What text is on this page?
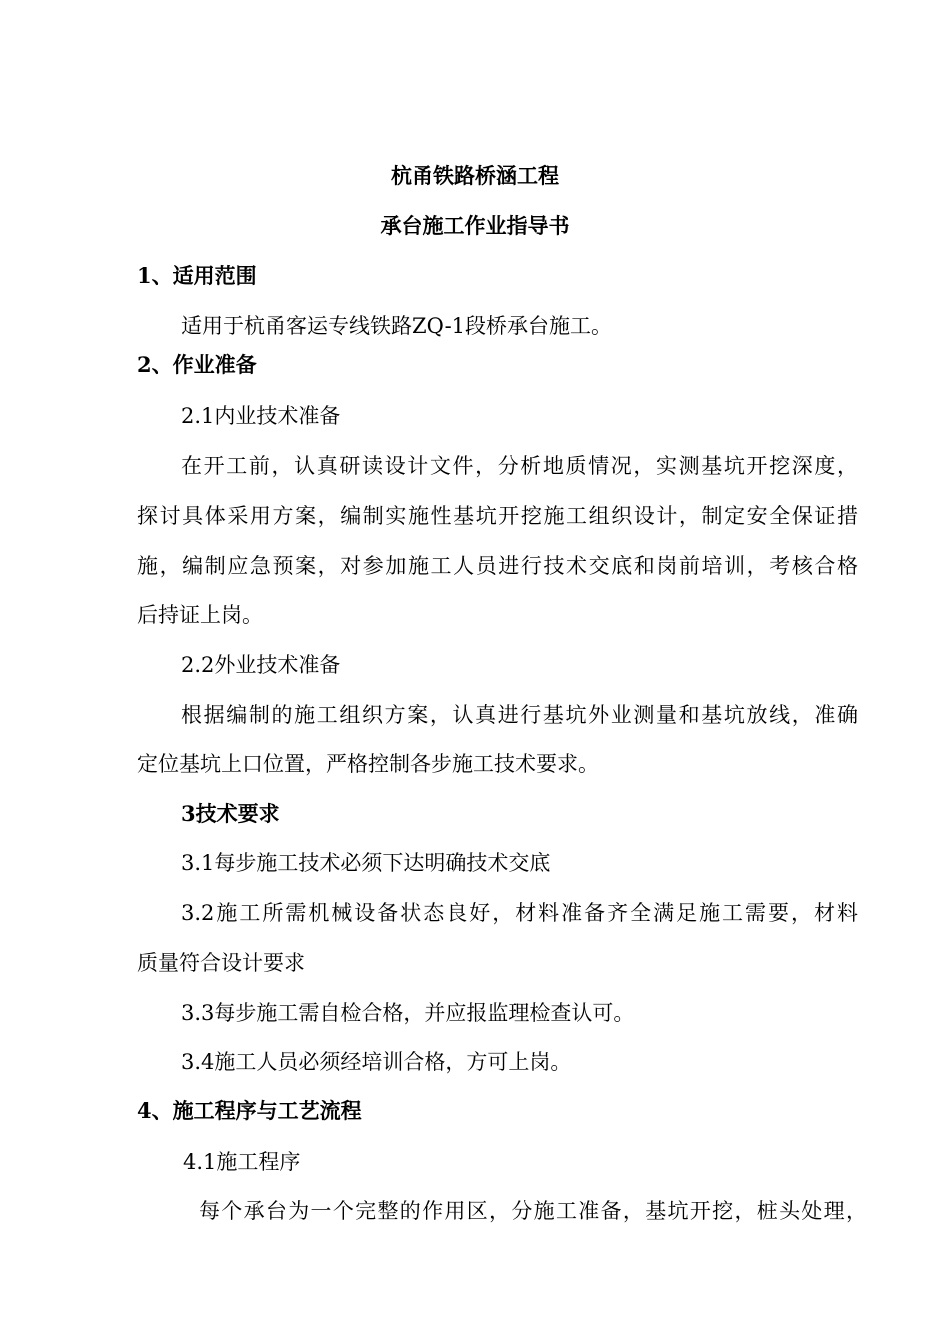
杭甬铁路桥涵工程
承台施工作业指导书
1、适用范围
适用于杭甬客运专线铁路ZQ-1段桥承台施工。
2、作业准备
2.1内业技术准备
在开工前，认真研读设计文件，分析地质情况，实测基坑开挖深度，
探讨具体采用方案，编制实施性基坑开挖施工组织设计，制定安全保证措
施，编制应急预案，对参加施工人员进行技术交底和岗前培训，考核合格
后持证上岗。
2.2外业技术准备
根据编制的施工组织方案，认真进行基坑外业测量和基坑放线，准确
定位基坑上口位置，严格控制各步施工技术要求。
3技术要求
3.1每步施工技术必须下达明确技术交底
3.2施工所需机械设备状态良好，材料准备齐全满足施工需要，材料
质量符合设计要求
3.3每步施工需自检合格，并应报监理检查认可。
3.4施工人员必须经培训合格，方可上岗。
4、施工程序与工艺流程
4.1施工程序
每个承台为一个完整的作用区，分施工准备，基坑开挖，桩头处理，
